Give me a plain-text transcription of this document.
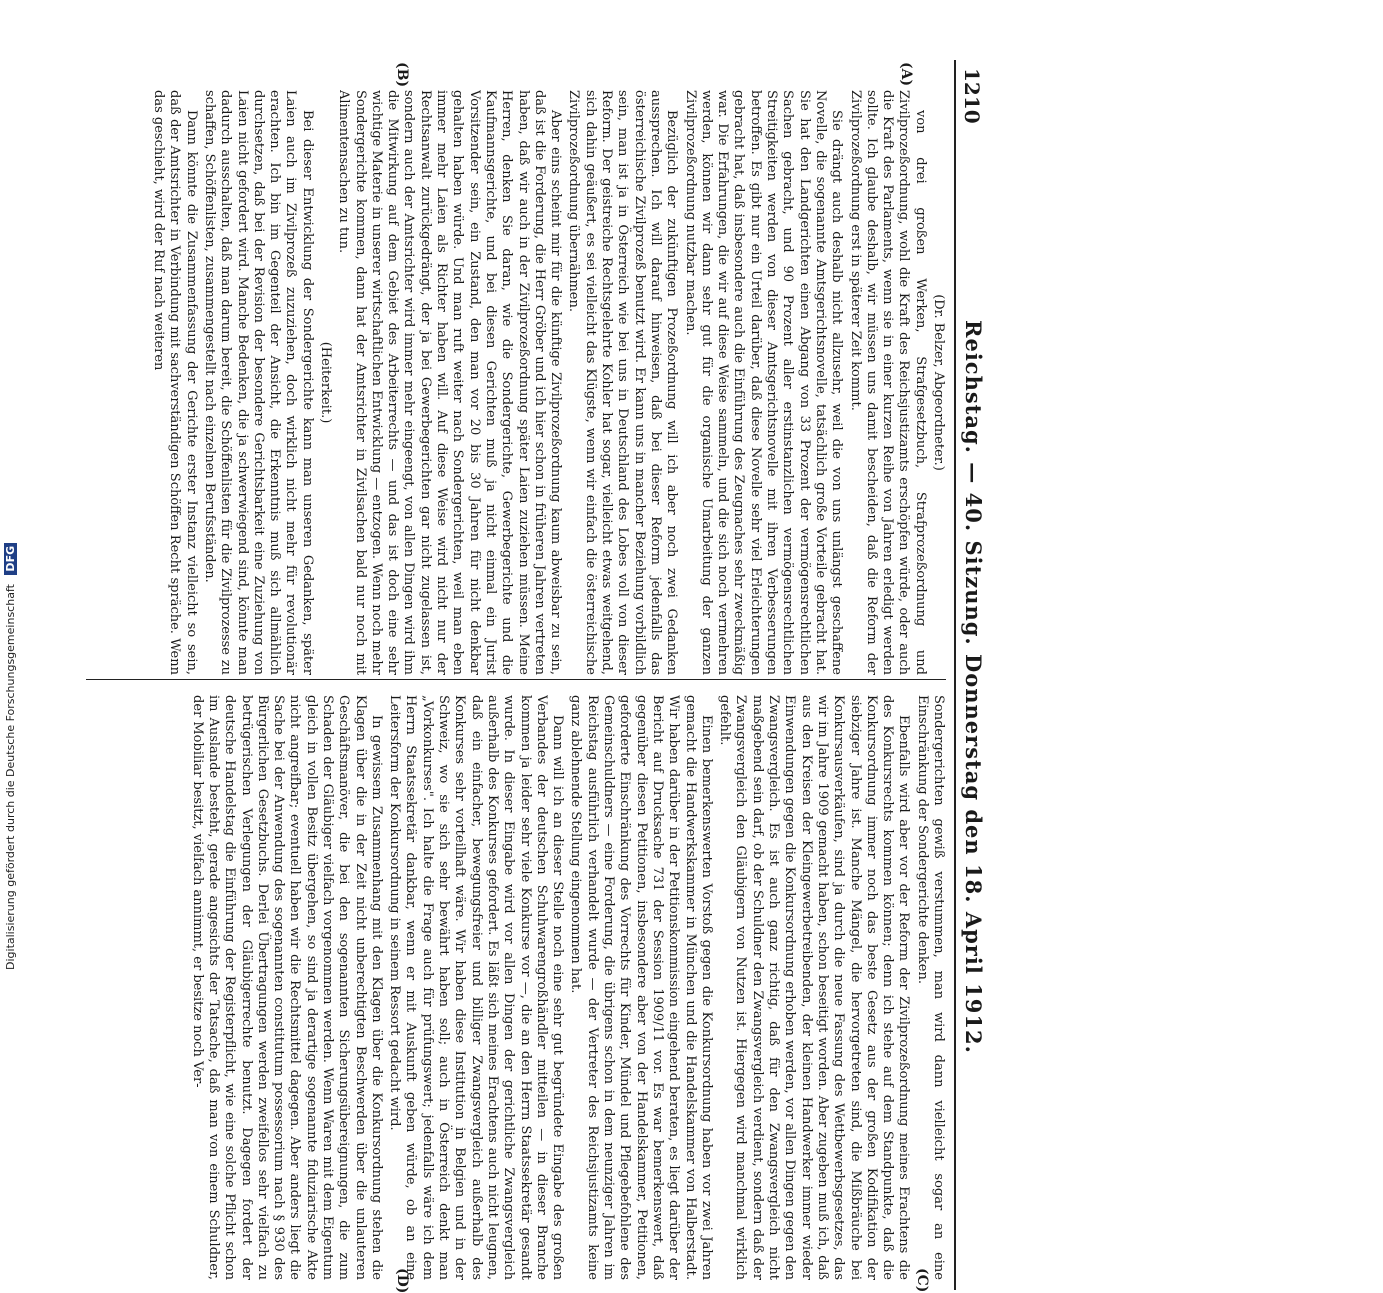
1210
Reichstag. — 40. Sitzung. Donnerstag den 18. April 1912.
(A)
(B)
(C)
(D)

(Dr. Belzer, Abgeordneter.)

von drei großen Werken, Strafgesetzbuch, Strafprozeßordnung und Zivilprozeßordnung, wohl die Kraft des Reichsjustizamts erschöpfen würde, oder auch die Kraft des Parlaments, wenn sie in einer kurzen Reihe von Jahren erledigt werden sollte. Ich glaube deshalb, wir müssen uns damit bescheiden, daß die Reform der Zivilprozeßordnung erst in späterer Zeit kommt.

Sie drängt auch deshalb nicht allzusehr, weil die von uns unlängst geschaffene Novelle, die sogenannte Amtsgerichtsnovelle, tatsächlich große Vorteile gebracht hat. Sie hat den Landgerichten einen Abgang von 33 Prozent der vermögensrechtlichen Sachen gebracht, und 90 Prozent aller erstinstanzlichen vermögensrechtlichen Streitigkeiten werden von dieser Amtsgerichtsnovelle mit ihren Verbesserungen betroffen. Es gibt nur ein Urteil darüber, daß diese Novelle sehr viel Erleichterungen gebracht hat, daß insbesondere auch die Einführung des Zeugnaches sehr zweckmäßig war. Die Erfahrungen, die wir auf diese Weise sammeln, und die sich noch vermehren werden, können wir dann sehr gut für die organische Umarbeitung der ganzen Zivilprozeßordnung nutzbar machen.

Bezüglich der zukünftigen Prozeßordnung will ich aber noch zwei Gedanken aussprechen. Ich will darauf hinweisen, daß bei dieser Reform jedenfalls das österreichische Zivilprozeß benutzt wird. Er kann uns in mancher Beziehung vorbildlich sein, man ist ja in Österreich wie bei uns in Deutschland des Lobes voll von dieser Reform. Der geistreiche Rechtsgelehrte Kohler hat sogar, vielleicht etwas weitgehend, sich dahin geäußert, es sei vielleicht das Klügste, wenn wir einfach die österreichische Zivilprozeßordnung übernähmen.

Aber eins scheint mir für die künftige Zivilprozeßordnung kaum abweisbar zu sein, daß ist die Forderung, die Herr Gröber und ich hier schon in früheren Jahren vertreten haben, daß wir auch in der Zivilprozeßordnung später Laien zuziehen müssen. Meine Herren, denken Sie daran, wie die Sondergerichte, Gewerbegerichte und die Kaufmannsgerichte, und bei diesen Gerichten muß ja nicht einmal ein Jurist Vorsitzender sein, ein Zustand, den man vor 20 bis 30 Jahren für nicht denkbar gehalten haben würde. Und man ruft weiter nach Sondergerichten, weil man eben immer mehr Laien als Richter haben will. Auf diese Weise wird nicht nur der Rechtsanwalt zurückgedrängt, der ja bei Gewerbegerichten gar nicht zugelassen ist, sondern auch der Amtsrichter wird immer mehr eingeengt, von allen Dingen wird ihm die Mitwirkung auf dem Gebiet des Arbeiterrechts — und das ist doch eine sehr wichtige Materie in unserer wirtschaftlichen Entwicklung — entzogen. Wenn noch mehr Sondergerichte kommen, dann hat der Amtsrichter in Zivilsachen bald nur noch mit Alimentensachen zu tun.

(Heiterkeit.)

Bei dieser Entwicklung der Sondergerichte kann man unseren Gedanken, später Laien auch im Zivilprozeß zuzuziehen, doch wirklich nicht mehr für revolutionär erachten. Ich bin im Gegenteil der Ansicht, die Erkenntnis muß sich allmählich durchsetzen, daß bei der Revision der besondere Gerichtsbarkeit eine Zuziehung von Laien nicht gefordert wird. Manche Bedenken, die ja schwerwiegend sind, könnte man dadurch ausschalten, daß man darum bereit, die Schöffenlisten für die Zivilprozesse zu schaffen, Schöffenlisten, zusammengestellt nach einzelnen Berufsständen.

Dann könnte die Zusammenfassung der Gerichte erster Instanz vielleicht so sein, daß der Amtsrichter in Verbindung mit sachverständigen Schöffen Recht spräche. Wenn das geschieht, wird der Ruf nach weiteren

Sondergerichten gewiß verstummen, man wird dann vielleicht sogar an eine Einschränkung der Sondergerichte denken.

Ebenfalls wird aber vor der Reform der Zivilprozeßordnung meines Erachtens die des Konkursrechts kommen können; denn ich stehe auf dem Standpunkte, daß die Konkursordnung immer noch das beste Gesetz aus der großen Kodifikation der siebziger Jahre ist. Manche Mängel, die hervorgetreten sind, die Mißbräuche bei Konkursausverkäufen, sind ja durch die neue Fassung des Wettbewerbsgesetzes, das wir im Jahre 1909 gemacht haben, schon beseitigt worden. Aber zugeben muß ich, daß aus den Kreisen der Kleingewerbetreibenden, der kleinen Handwerker immer wieder Einwendungen gegen die Konkursordnung erhoben werden, vor allen Dingen gegen den Zwangsvergleich. Es ist auch ganz richtig, daß für den Zwangsvergleich nicht maßgebend sein darf, ob der Schuldner den Zwangsvergleich verdient, sondern daß der Zwangsvergleich den Gläubigern von Nutzen ist. Hiergegen wird manchmal wirklich gefehlt.

Einen bemerkenswerten Vorstoß gegen die Konkursordnung haben vor zwei Jahren gemacht die Handwerkskammer in München und die Handelskammer von Halberstadt. Wir haben darüber in der Petitionskommission eingehend beraten, es liegt darüber der Bericht auf Drucksache 731 der Session 1909/11 vor. Es war bemerkenswert, daß gegenüber diesen Petitionen, insbesondere aber von der Handelskammer, Petitionen, geforderte Einschränkung des Vorrechts für Kinder, Mündel und Pflegebefohlene des Gemeinschuldners — eine Forderung, die übrigens schon in dem neunziger Jahren im Reichstag ausführlich verhandelt wurde — der Vertreter des Reichsjustizamts keine ganz ablehnende Stellung eingenommen hat.

Dann will ich an dieser Stelle noch eine sehr gut begründete Eingabe des großen Verbandes der deutschen Schuhwarengroßhändler mitteilen — in dieser Branche kommen ja leider sehr viele Konkurse vor —, die an den Herrn Staatssekretär gesandt wurde. In dieser Eingabe wird vor allen Dingen der gerichtliche Zwangsvergleich außerhalb des Konkurses gefordert. Es läßt sich meines Erachtens auch nicht leugnen, daß ein einfacher, bewegungsfreier und billiger Zwangsvergleich außerhalb des Konkurses sehr vorteilhaft wäre. Wir haben diese Institution in Belgien und in der Schweiz, wo sie sich sehr bewährt haben soll; auch in Österreich denkt man „Vorkonkurses". Ich halte die Frage auch für prüfungswert; jedenfalls wäre ich dem Herrn Staatssekretär dankbar, wenn er mit Auskunft geben würde, ob an eine Leitersform der Konkursordnung in seinem Ressort gedacht wird.

In gewissem Zusammenhang mit den Klagen über die Konkursordnung stehen die Klagen über die in der Zeit nicht unberechtigten Beschwerden über die unlauteren Geschäftsmanöver, die bei den sogenannten Sicherungsübereignungen, die zum Schaden der Gläubiger vielfach vorgenommen werden. Wenn Waren mit dem Eigentum gleich in vollen Besitz übergehen, so sind ja derartige sogenannte fiduziarische Akte nicht angreifbar; eventuell haben wir die Rechtsmittel dagegen. Aber anders liegt die Sache bei der Anwendung des sogenannten constitutum possessorium nach § 930 des Bürgerlichen Gesetzbuchs. Derlei Übertragungen werden zweifellos sehr vielfach zu betrügerischen Verlegungen der Gläubigerrechte benutzt. Dagegen fordert der deutsche Handelstag die Einführung der Registerpflicht, wie eine solche Pflicht schon im Auslande besteht, gerade angesichts der Tatsache, daß man von einem Schuldner, der Mobiliar besitzt, vielfach annimmt, er besitze noch Ver-

Digitalisierung gefördert durch die Deutsche Forschungsgemeinschaft DFG
